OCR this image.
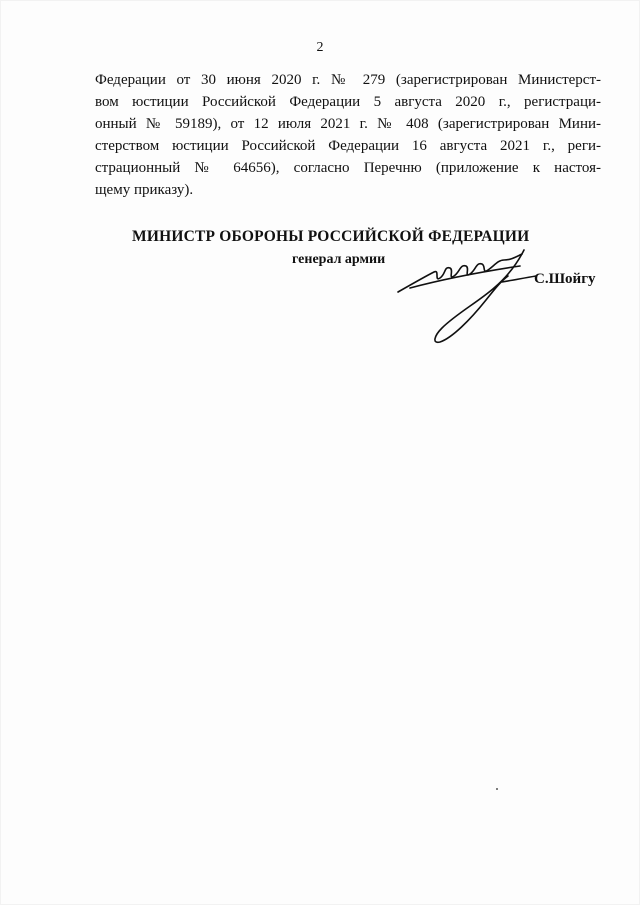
2

Федерации от 30 июня 2020 г. № 279 (зарегистрирован Министерст-
вом юстиции Российской Федерации 5 августа 2020 г., регистраци-
онный № 59189), от 12 июля 2021 г. № 408 (зарегистрирован Мини-
стерством юстиции Российской Федерации 16 августа 2021 г., реги-
страционный № 64656), согласно Перечню (приложение к настоя-
щему приказу).

МИНИСТР ОБОРОНЫ РОССИЙСКОЙ ФЕДЕРАЦИИ
генерал армии
С.Шойгу
